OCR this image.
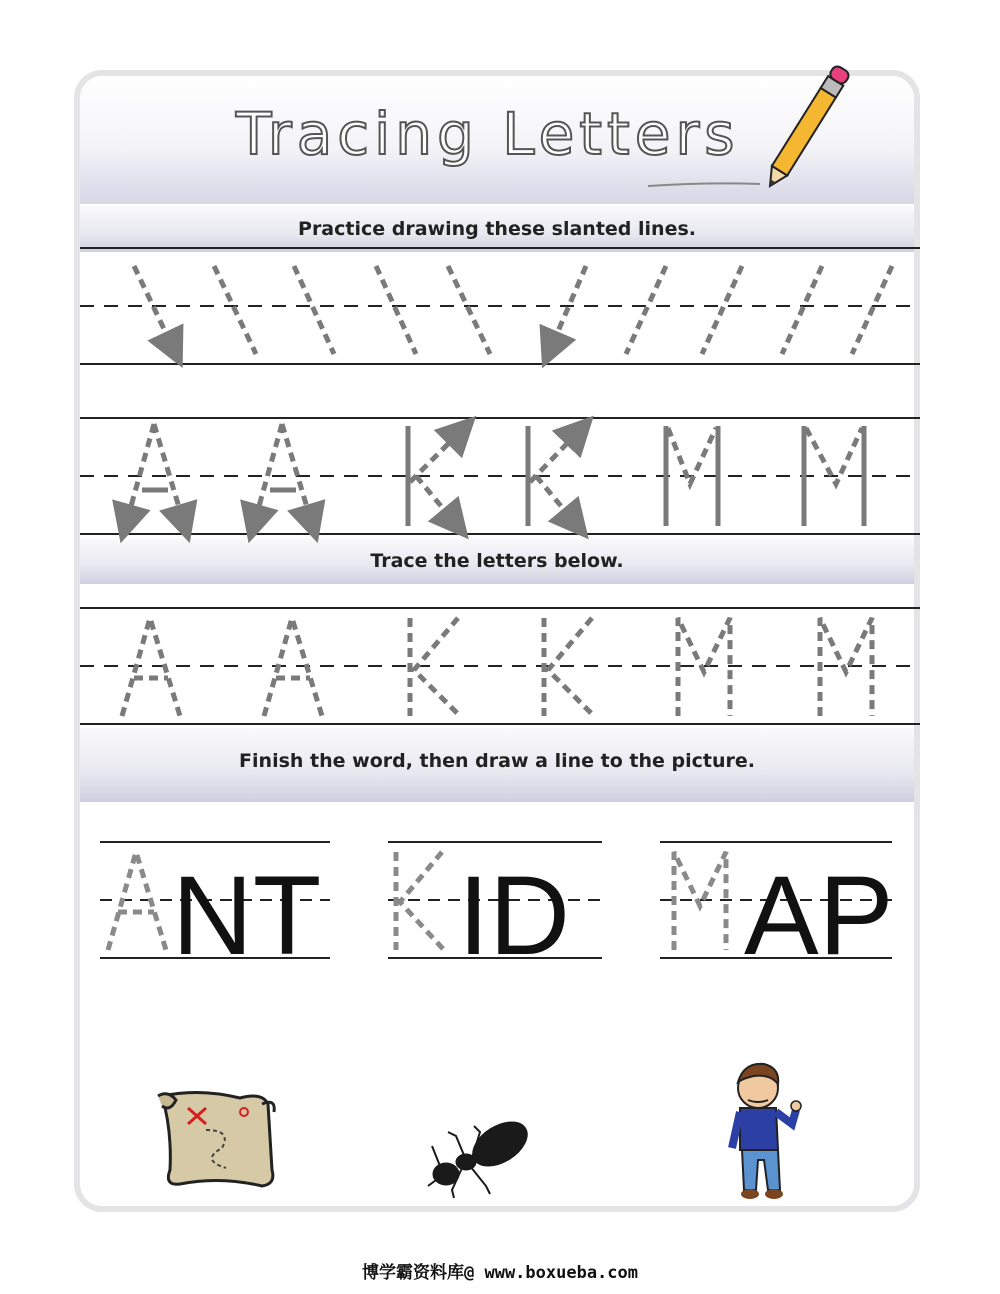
Tracing Letters
Practice drawing these slanted lines.
Trace the letters below.
Finish the word, then draw a line to the picture.
NT ID AP
博学霸资料库@ www.boxueba.com
